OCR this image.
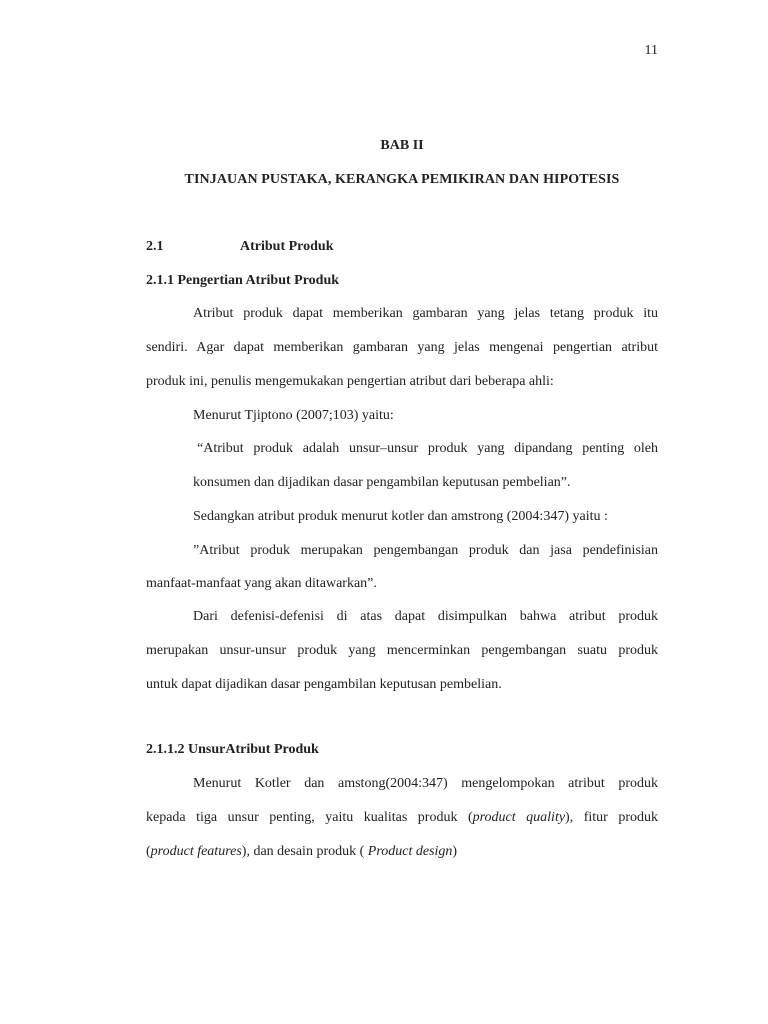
11
BAB II
TINJAUAN PUSTAKA, KERANGKA PEMIKIRAN DAN HIPOTESIS
2.1	Atribut Produk
2.1.1 Pengertian Atribut Produk
Atribut produk dapat memberikan gambaran yang jelas tetang produk itu
sendiri. Agar dapat memberikan gambaran yang jelas mengenai pengertian atribut
produk ini, penulis mengemukakan pengertian atribut dari beberapa ahli:
Menurut Tjiptono (2007;103) yaitu:
“Atribut produk adalah unsur–unsur produk yang dipandang penting oleh
konsumen dan dijadikan dasar pengambilan keputusan pembelian”.
Sedangkan atribut produk menurut kotler dan amstrong (2004:347) yaitu :
”Atribut produk merupakan pengembangan produk dan jasa pendefinisian
manfaat-manfaat yang akan ditawarkan”.
Dari defenisi-defenisi di atas dapat disimpulkan bahwa atribut produk
merupakan unsur-unsur produk yang mencerminkan pengembangan suatu produk
untuk dapat dijadikan dasar pengambilan keputusan pembelian.
2.1.1.2 UnsurAtribut Produk
Menurut Kotler dan amstong(2004:347) mengelompokan atribut produk
kepada tiga unsur penting, yaitu kualitas produk (product quality), fitur produk
(product features), dan desain produk ( Product design)
